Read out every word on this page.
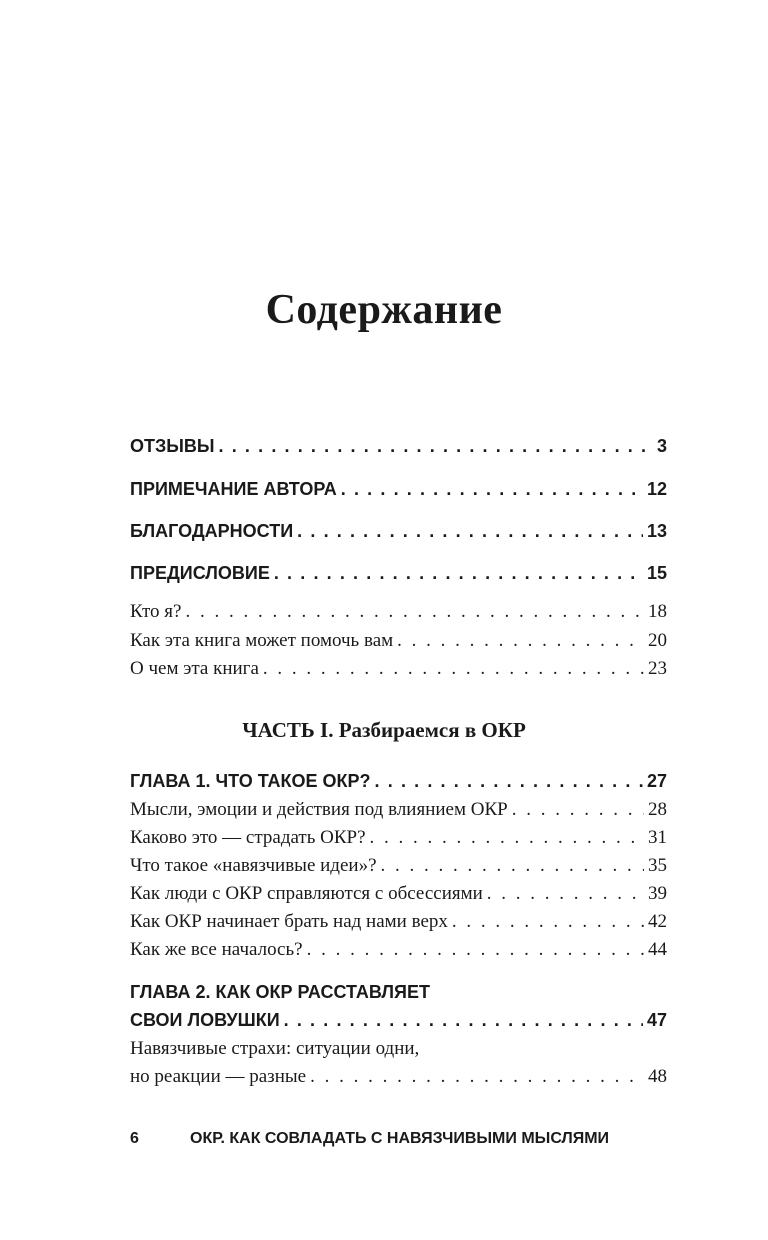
Содержание
ОТЗЫВЫ . . .	3
ПРИМЕЧАНИЕ АВТОРА . . .	12
БЛАГОДАРНОСТИ . . .	13
ПРЕДИСЛОВИЕ . . .	15
Кто я? . . .	18
Как эта книга может помочь вам . . .	20
О чем эта книга . . .	23
ГЛАВА 1. ЧТО ТАКОЕ ОКР? . . .	27
Мысли, эмоции и действия под влиянием ОКР . . .	28
Каково это — страдать ОКР? . . .	31
Что такое «навязчивые идеи»? . . .	35
Как люди с ОКР справляются с обсессиями . . .	39
Как ОКР начинает брать над нами верх . . .	42
Как же все началось? . . .	44
ГЛАВА 2. КАК ОКР РАССТАВЛЯЕТ
СВОИ ЛОВУШКИ . . .	47
Навязчивые страхи: ситуации одни,
но реакции — разные . . .	48
ЧАСТЬ I. Разбираемся в ОКР
6	ОКР. КАК СОВЛАДАТЬ С НАВЯЗЧИВЫМИ МЫСЛЯМИ
